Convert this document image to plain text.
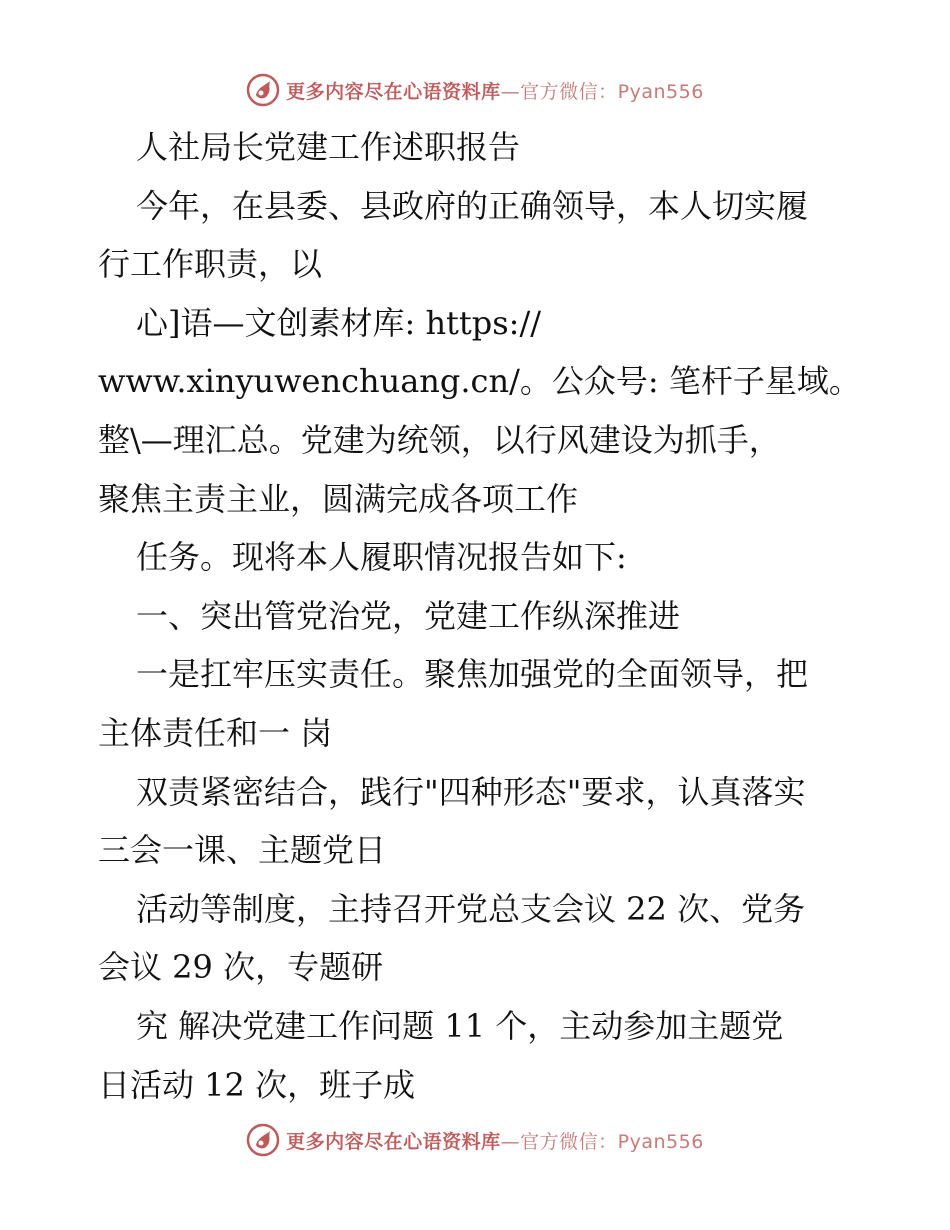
更多内容尽在心语资料库—官方微信：Pyan556
人社局长党建工作述职报告
今年，在县委、县政府的正确领导，本人切实履
行工作职责，以
心]语—文创素材库: https://
www.xinyuwenchuang.cn/。公众号: 笔杆子星域。
整\—理汇总。党建为统领，以行风建设为抓手，
聚焦主责主业，圆满完成各项工作
任务。现将本人履职情况报告如下:
一、突出管党治党，党建工作纵深推进
一是扛牢压实责任。聚焦加强党的全面领导，把
主体责任和一 岗
双责紧密结合，践行"四种形态"要求，认真落实
三会一课、主题党日
活动等制度，主持召开党总支会议 22 次、党务
会议 29 次，专题研
究 解决党建工作问题 11 个，主动参加主题党
日活动 12 次，班子成
更多内容尽在心语资料库—官方微信：Pyan556
